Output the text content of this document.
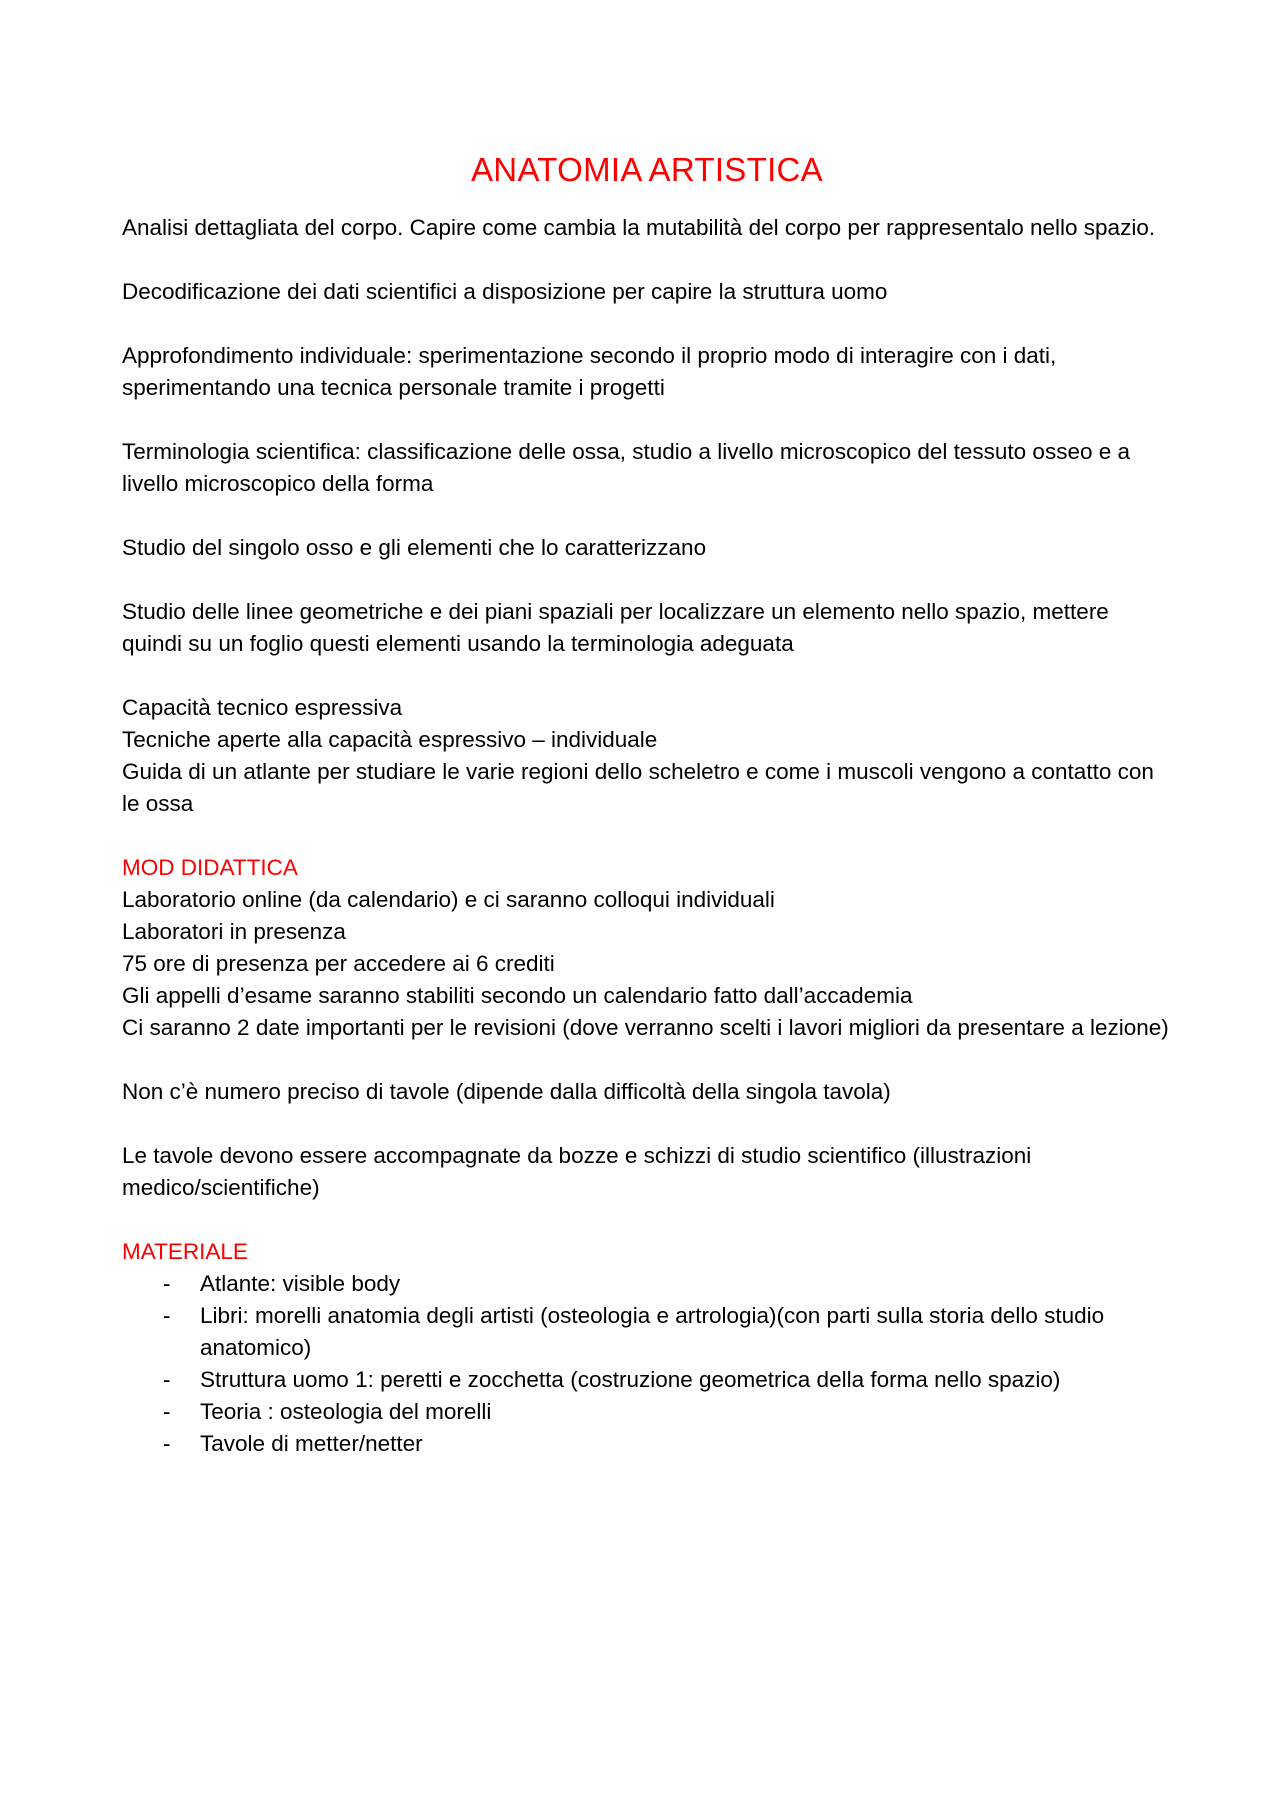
ANATOMIA ARTISTICA

Analisi dettagliata del corpo. Capire come cambia la mutabilità del corpo per rappresentalo nello spazio.

Decodificazione dei dati scientifici a disposizione per capire la struttura uomo

Approfondimento individuale: sperimentazione secondo il proprio modo di interagire con i dati, sperimentando una tecnica personale tramite i progetti

Terminologia scientifica: classificazione delle ossa, studio a livello microscopico del tessuto osseo e a livello microscopico della forma

Studio del singolo osso e gli elementi che lo caratterizzano

Studio delle linee geometriche e dei piani spaziali per localizzare un elemento nello spazio, mettere quindi su un foglio questi elementi usando la terminologia adeguata

Capacità tecnico espressiva

Tecniche aperte alla capacità espressivo – individuale

Guida di un atlante per studiare le varie regioni dello scheletro e come i muscoli vengono a contatto con le ossa

MOD DIDATTICA

Laboratorio online (da calendario) e ci saranno colloqui individuali

Laboratori in presenza

75 ore di presenza per accedere ai 6 crediti

Gli appelli d’esame saranno stabiliti secondo un calendario fatto dall’accademia

Ci saranno 2 date importanti per le revisioni (dove verranno scelti i lavori migliori da presentare a lezione)

Non c’è numero preciso di tavole (dipende dalla difficoltà della singola tavola)

Le tavole devono essere accompagnate da bozze e schizzi di studio scientifico (illustrazioni medico/scientifiche)

MATERIALE

- Atlante: visible body
- Libri: morelli anatomia degli artisti (osteologia e artrologia)(con parti sulla storia dello studio anatomico)
- Struttura uomo 1: peretti e zocchetta (costruzione geometrica della forma nello spazio)
- Teoria : osteologia del morelli
- Tavole di metter/netter
